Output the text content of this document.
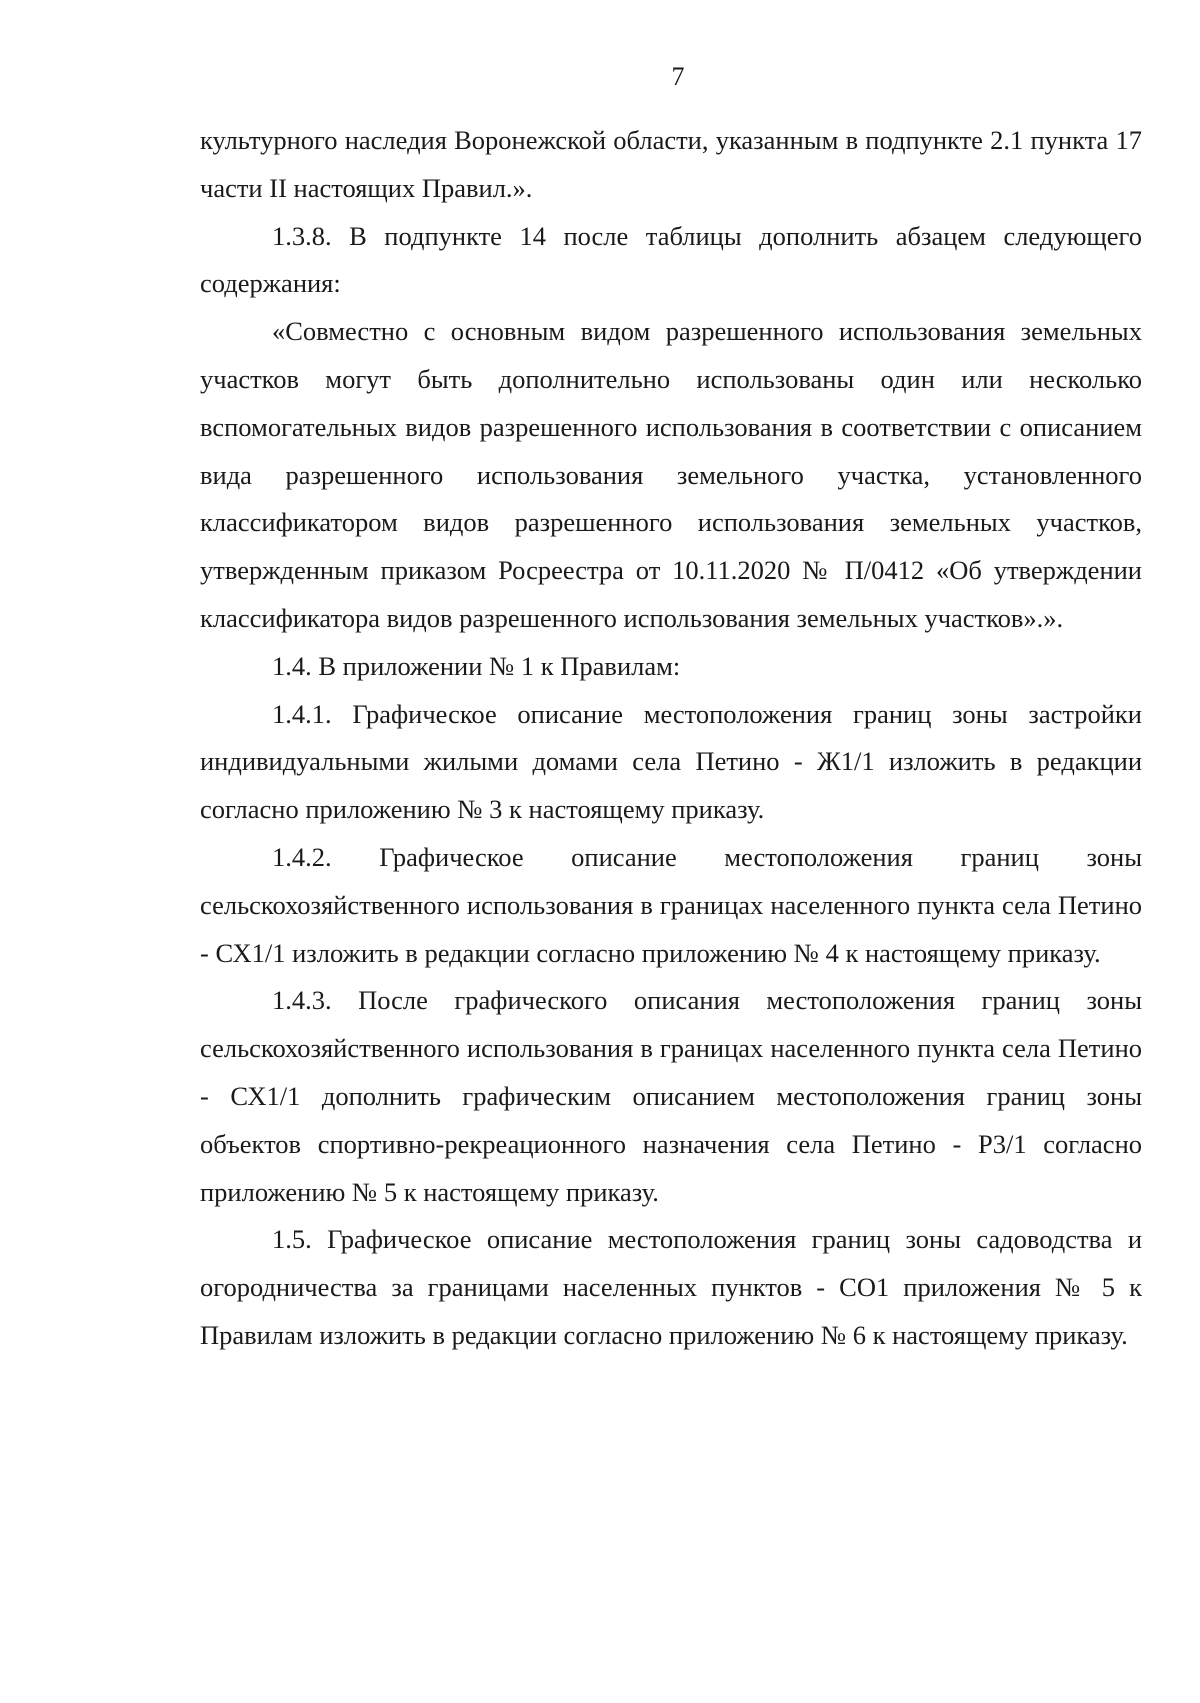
7

культурного наследия Воронежской области, указанным в подпункте 2.1 пункта 17 части II настоящих Правил.».

1.3.8. В подпункте 14 после таблицы дополнить абзацем следующего содержания:

«Совместно с основным видом разрешенного использования земельных участков могут быть дополнительно использованы один или несколько вспомогательных видов разрешенного использования в соответствии с описанием вида разрешенного использования земельного участка, установленного классификатором видов разрешенного использования земельных участков, утвержденным приказом Росреестра от 10.11.2020 № П/0412 «Об утверждении классификатора видов разрешенного использования земельных участков».».

1.4. В приложении № 1 к Правилам:

1.4.1. Графическое описание местоположения границ зоны застройки индивидуальными жилыми домами села Петино - Ж1/1 изложить в редакции согласно приложению № 3 к настоящему приказу.

1.4.2. Графическое описание местоположения границ зоны сельскохозяйственного использования в границах населенного пункта села Петино - СХ1/1 изложить в редакции согласно приложению № 4 к настоящему приказу.

1.4.3. После графического описания местоположения границ зоны сельскохозяйственного использования в границах населенного пункта села Петино - СХ1/1 дополнить графическим описанием местоположения границ зоны объектов спортивно-рекреационного назначения села Петино - Р3/1 согласно приложению № 5 к настоящему приказу.

1.5. Графическое описание местоположения границ зоны садоводства и огородничества за границами населенных пунктов - СО1 приложения № 5 к Правилам изложить в редакции согласно приложению № 6 к настоящему приказу.
